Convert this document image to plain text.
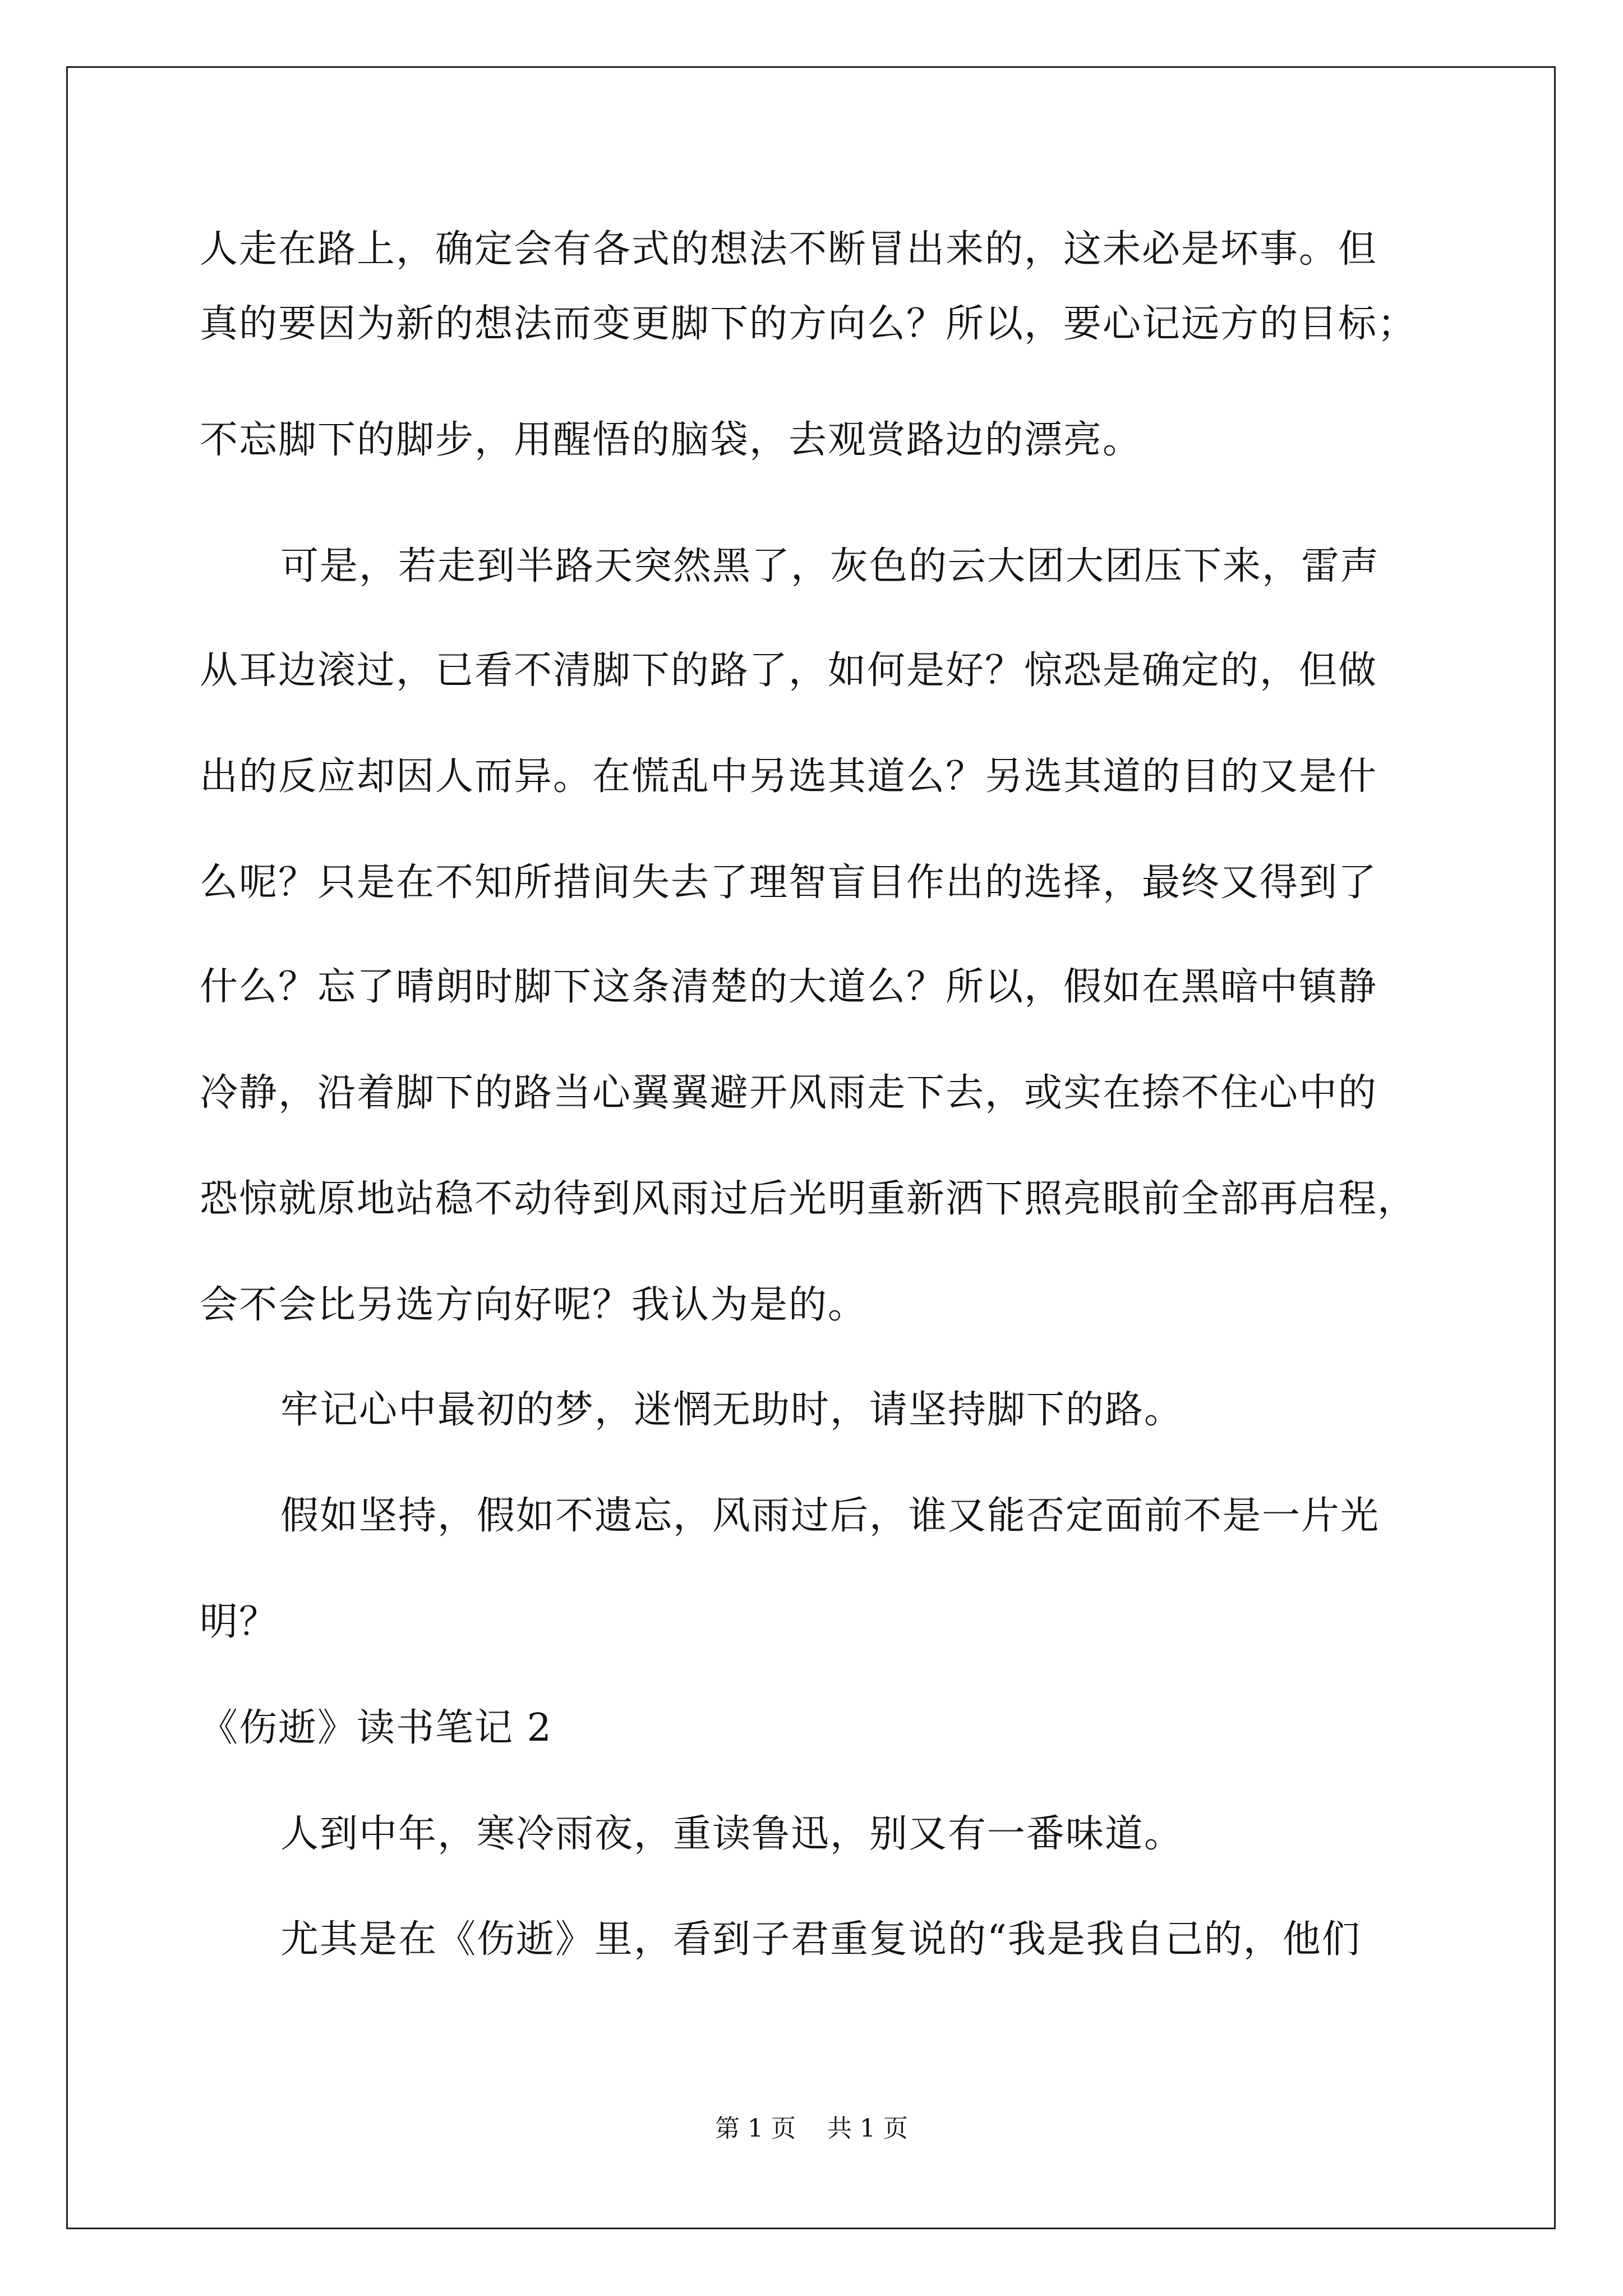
人走在路上，确定会有各式的想法不断冒出来的，这未必是坏事。但
真的要因为新的想法而变更脚下的方向么？所以，要心记远方的目标；
不忘脚下的脚步，用醒悟的脑袋，去观赏路边的漂亮。
可是，若走到半路天突然黑了，灰色的云大团大团压下来，雷声
从耳边滚过，已看不清脚下的路了，如何是好？惊恐是确定的，但做
出的反应却因人而异。在慌乱中另选其道么？另选其道的目的又是什
么呢？只是在不知所措间失去了理智盲目作出的选择，最终又得到了
什么？忘了晴朗时脚下这条清楚的大道么？所以，假如在黑暗中镇静
冷静，沿着脚下的路当心翼翼避开风雨走下去，或实在捺不住心中的
恐惊就原地站稳不动待到风雨过后光明重新洒下照亮眼前全部再启程，
会不会比另选方向好呢？我认为是的。
牢记心中最初的梦，迷惘无助时，请坚持脚下的路。
假如坚持，假如不遗忘，风雨过后，谁又能否定面前不是一片光
明？
《伤逝》读书笔记 2
人到中年，寒冷雨夜，重读鲁迅，别又有一番味道。
尤其是在《伤逝》里，看到子君重复说的“我是我自己的，他们
第 1 页    共 1 页
